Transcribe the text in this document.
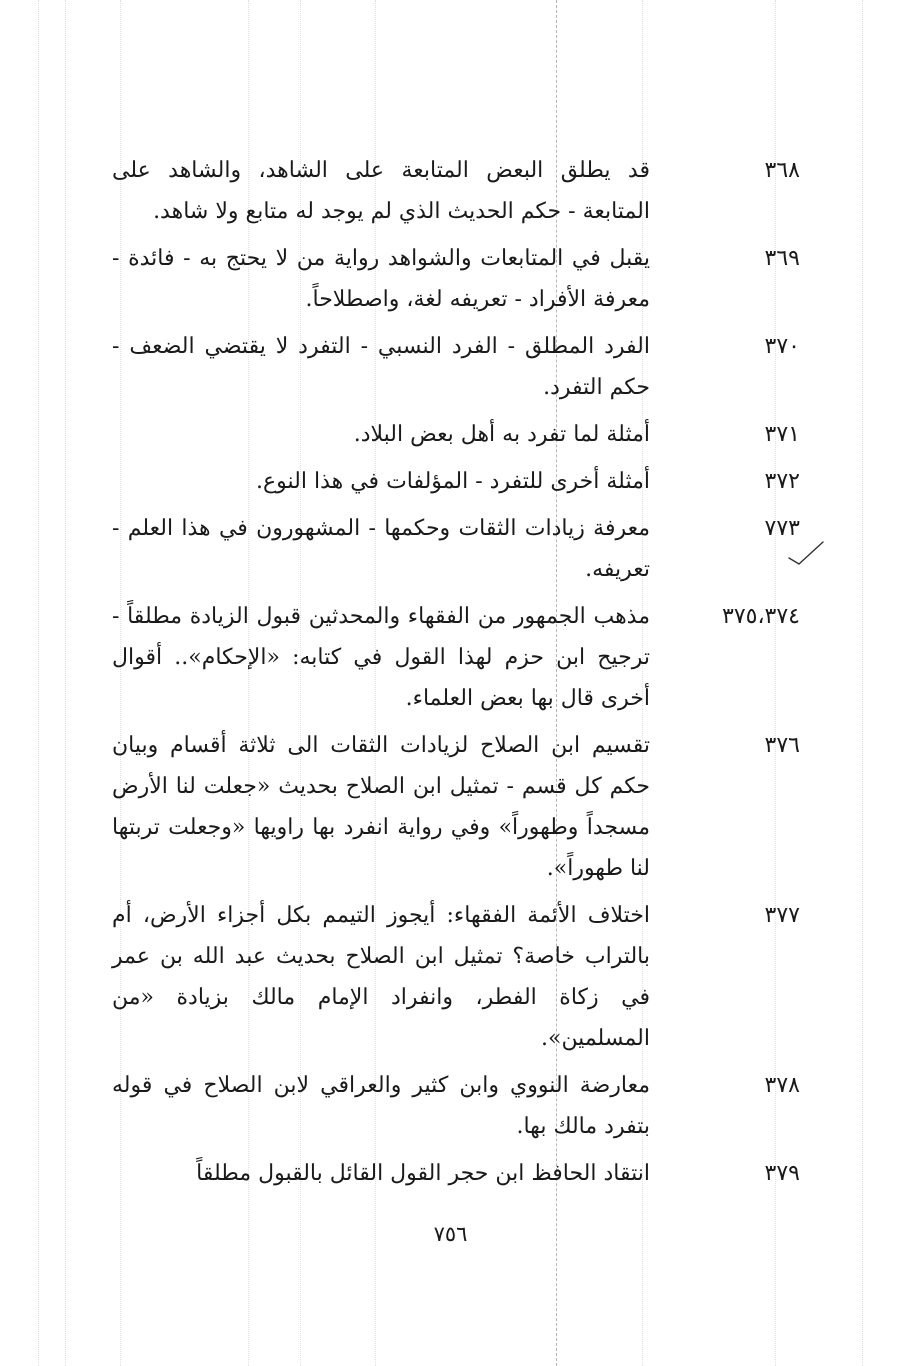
٣٦٨
قد يطلق البعض المتابعة على الشاهد، والشاهد على المتابعة - حكم الحديث الذي لم يوجد له متابع ولا شاهد.
٣٦٩
يقبل في المتابعات والشواهد رواية من لا يحتج به - فائدة - معرفة الأفراد - تعريفه لغة، واصطلاحاً.
٣٧٠
الفرد المطلق - الفرد النسبي - التفرد لا يقتضي الضعف - حكم التفرد.
٣٧١
أمثلة لما تفرد به أهل بعض البلاد.
٣٧٢
أمثلة أخرى للتفرد - المؤلفات في هذا النوع.
٧٧٣
معرفة زيادات الثقات وحكمها - المشهورون في هذا العلم - تعريفه.
٣٧٥،٣٧٤
مذهب الجمهور من الفقهاء والمحدثين قبول الزيادة مطلقاً - ترجيح ابن حزم لهذا القول في كتابه: «الإحكام».. أقوال أخرى قال بها بعض العلماء.
٣٧٦
تقسيم ابن الصلاح لزيادات الثقات الى ثلاثة أقسام وبيان حكم كل قسم - تمثيل ابن الصلاح بحديث «جعلت لنا الأرض مسجداً وطهوراً» وفي رواية انفرد بها راويها «وجعلت تربتها لنا طهوراً».
٣٧٧
اختلاف الأئمة الفقهاء: أيجوز التيمم بكل أجزاء الأرض، أم بالتراب خاصة؟ تمثيل ابن الصلاح بحديث عبد الله بن عمر في زكاة الفطر، وانفراد الإمام مالك بزيادة «من المسلمين».
٣٧٨
معارضة النووي وابن كثير والعراقي لابن الصلاح في قوله بتفرد مالك بها.
٣٧٩
انتقاد الحافظ ابن حجر القول القائل بالقبول مطلقاً
٧٥٦
